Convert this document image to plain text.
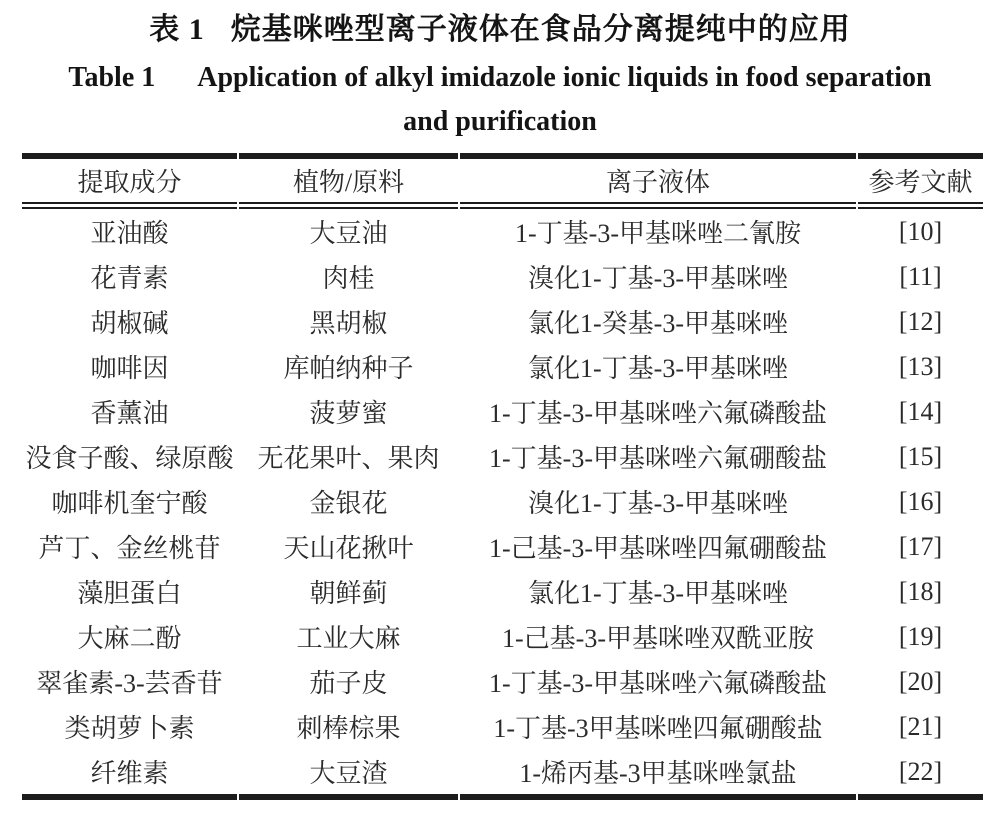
表 1 烷基咪唑型离子液体在食品分离提纯中的应用
Table 1 Application of alkyl imidazole ionic liquids in food separation
and purification
提取成分	植物/原料	离子液体	参考文献
亚油酸	大豆油	1-丁基-3-甲基咪唑二氰胺	[10]
花青素	肉桂	溴化1-丁基-3-甲基咪唑	[11]
胡椒碱	黑胡椒	氯化1-癸基-3-甲基咪唑	[12]
咖啡因	库帕纳种子	氯化1-丁基-3-甲基咪唑	[13]
香薰油	菠萝蜜	1-丁基-3-甲基咪唑六氟磷酸盐	[14]
没食子酸、绿原酸	无花果叶、果肉	1-丁基-3-甲基咪唑六氟硼酸盐	[15]
咖啡机奎宁酸	金银花	溴化1-丁基-3-甲基咪唑	[16]
芦丁、金丝桃苷	天山花揪叶	1-己基-3-甲基咪唑四氟硼酸盐	[17]
藻胆蛋白	朝鲜蓟	氯化1-丁基-3-甲基咪唑	[18]
大麻二酚	工业大麻	1-己基-3-甲基咪唑双酰亚胺	[19]
翠雀素-3-芸香苷	茄子皮	1-丁基-3-甲基咪唑六氟磷酸盐	[20]
类胡萝卜素	刺棒棕果	1-丁基-3甲基咪唑四氟硼酸盐	[21]
纤维素	大豆渣	1-烯丙基-3甲基咪唑氯盐	[22]
